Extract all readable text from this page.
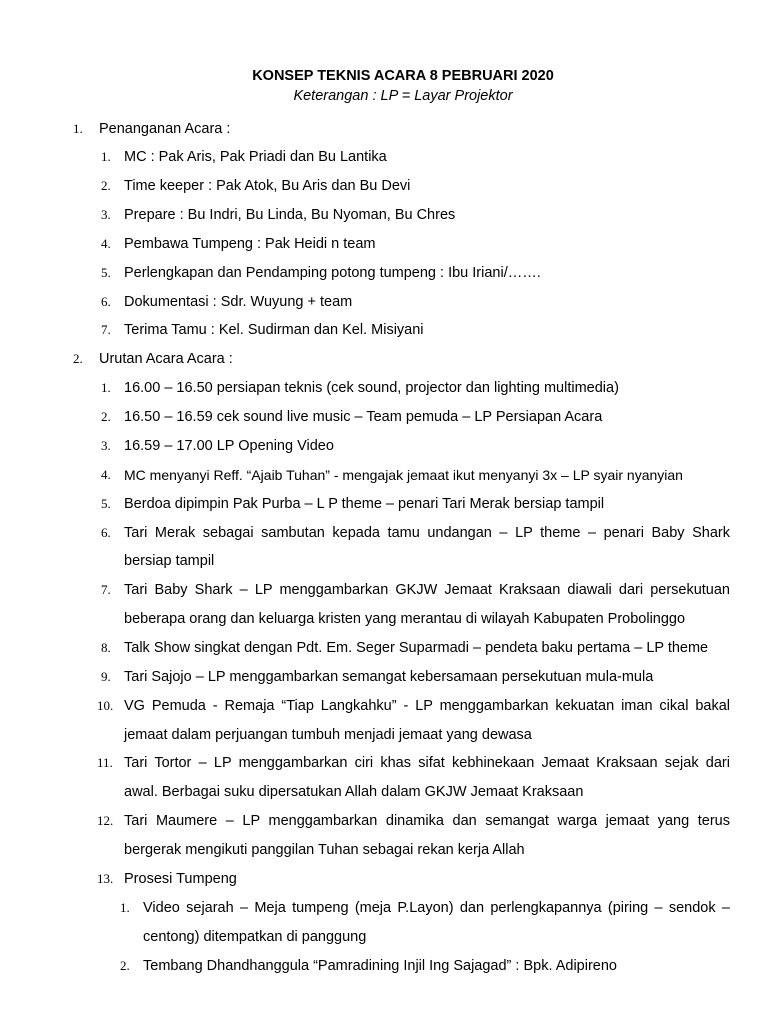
KONSEP TEKNIS ACARA 8 PEBRUARI 2020
Keterangan : LP = Layar Projektor
1. Penanganan Acara :
1. MC : Pak Aris, Pak Priadi dan Bu Lantika
2. Time keeper : Pak Atok, Bu Aris dan Bu Devi
3. Prepare : Bu Indri, Bu Linda, Bu Nyoman, Bu Chres
4. Pembawa Tumpeng : Pak Heidi n team
5. Perlengkapan dan Pendamping potong tumpeng : Ibu Iriani/…….
6. Dokumentasi : Sdr. Wuyung + team
7. Terima Tamu : Kel. Sudirman dan Kel. Misiyani
2. Urutan Acara Acara :
1. 16.00 – 16.50 persiapan teknis (cek sound, projector dan lighting multimedia)
2. 16.50 – 16.59 cek sound live music – Team pemuda – LP Persiapan Acara
3. 16.59 – 17.00 LP Opening Video
4. MC menyanyi Reff. “Ajaib Tuhan” - mengajak jemaat ikut menyanyi 3x – LP syair nyanyian
5. Berdoa dipimpin Pak Purba – L P theme – penari Tari Merak bersiap tampil
6. Tari Merak sebagai sambutan kepada tamu undangan – LP theme – penari Baby Shark
bersiap tampil
7. Tari Baby Shark – LP menggambarkan GKJW Jemaat Kraksaan diawali dari persekutuan
beberapa orang dan keluarga kristen yang merantau di wilayah Kabupaten Probolinggo
8. Talk Show singkat dengan Pdt. Em. Seger Suparmadi – pendeta baku pertama – LP theme
9. Tari Sajojo – LP menggambarkan semangat kebersamaan persekutuan mula-mula
10. VG Pemuda - Remaja “Tiap Langkahku” - LP menggambarkan kekuatan iman cikal bakal
jemaat dalam perjuangan tumbuh menjadi jemaat yang dewasa
11. Tari Tortor – LP menggambarkan ciri khas sifat kebhinekaan Jemaat Kraksaan sejak dari
awal. Berbagai suku dipersatukan Allah dalam GKJW Jemaat Kraksaan
12. Tari Maumere – LP menggambarkan dinamika dan semangat warga jemaat yang terus
bergerak mengikuti panggilan Tuhan sebagai rekan kerja Allah
13. Prosesi Tumpeng
1. Video sejarah – Meja tumpeng (meja P.Layon) dan perlengkapannya (piring – sendok –
centong) ditempatkan di panggung
2. Tembang Dhandhanggula “Pamradining Injil Ing Sajagad” : Bpk. Adipireno
